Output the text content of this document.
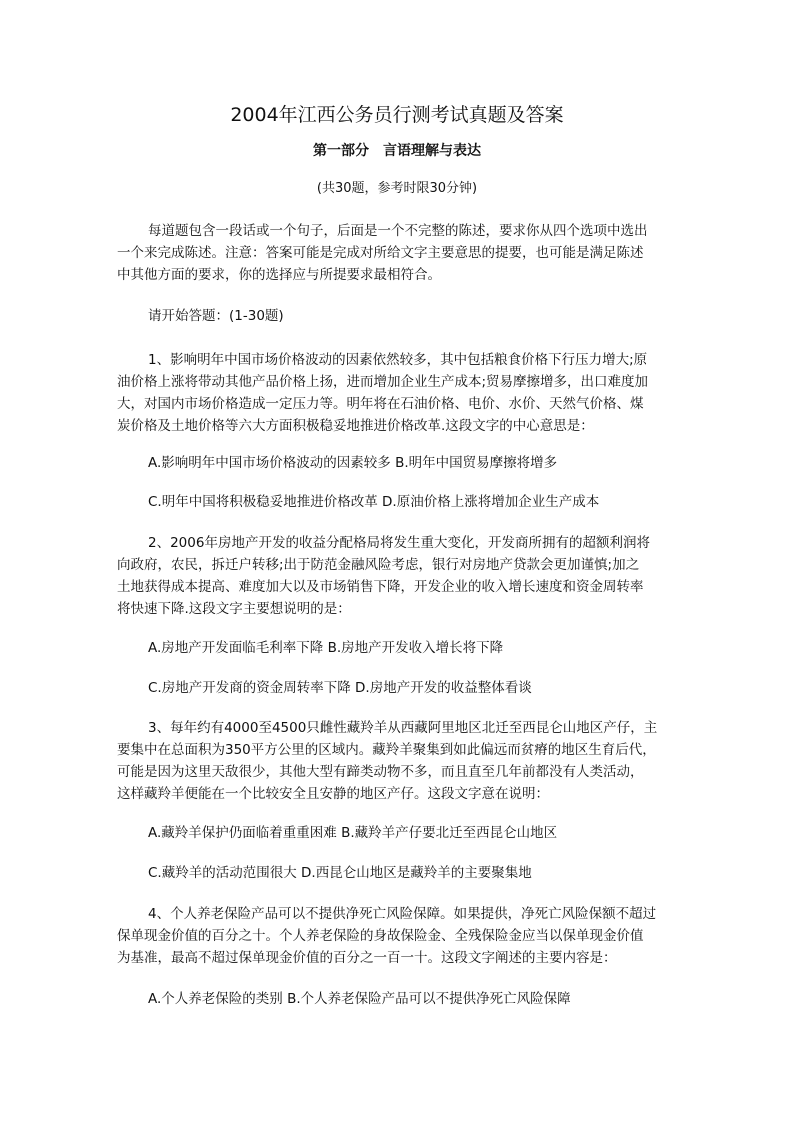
2004年江西公务员行测考试真题及答案
第一部分　言语理解与表达
(共30题，参考时限30分钟)
每道题包含一段话或一个句子，后面是一个不完整的陈述，要求你从四个选项中选出
一个来完成陈述。注意：答案可能是完成对所给文字主要意思的提要，也可能是满足陈述
中其他方面的要求，你的选择应与所提要求最相符合。
请开始答题：(1-30题)
1、影响明年中国市场价格波动的因素依然较多，其中包括粮食价格下行压力增大;原
油价格上涨将带动其他产品价格上扬，进而增加企业生产成本;贸易摩擦增多，出口难度加
大，对国内市场价格造成一定压力等。明年将在石油价格、电价、水价、天然气价格、煤
炭价格及土地价格等六大方面积极稳妥地推进价格改革.这段文字的中心意思是：
A.影响明年中国市场价格波动的因素较多 B.明年中国贸易摩擦将增多
C.明年中国将积极稳妥地推进价格改革 D.原油价格上涨将增加企业生产成本
2、2006年房地产开发的收益分配格局将发生重大变化，开发商所拥有的超额利润将
向政府，农民，拆迁户转移;出于防范金融风险考虑，银行对房地产贷款会更加谨慎;加之
土地获得成本提高、难度加大以及市场销售下降，开发企业的收入增长速度和资金周转率
将快速下降.这段文字主要想说明的是：
A.房地产开发面临毛利率下降 B.房地产开发收入增长将下降
C.房地产开发商的资金周转率下降 D.房地产开发的收益整体看谈
3、每年约有4000至4500只雌性藏羚羊从西藏阿里地区北迁至西昆仑山地区产仔，主
要集中在总面积为350平方公里的区域内。藏羚羊聚集到如此偏远而贫瘠的地区生育后代，
可能是因为这里天敌很少，其他大型有蹄类动物不多，而且直至几年前都没有人类活动，
这样藏羚羊便能在一个比较安全且安静的地区产仔。这段文字意在说明：
A.藏羚羊保护仍面临着重重困难 B.藏羚羊产仔要北迁至西昆仑山地区
C.藏羚羊的活动范围很大 D.西昆仑山地区是藏羚羊的主要聚集地
4、个人养老保险产品可以不提供净死亡风险保障。如果提供，净死亡风险保额不超过
保单现金价值的百分之十。个人养老保险的身故保险金、全残保险金应当以保单现金价值
为基准，最高不超过保单现金价值的百分之一百一十。这段文字阐述的主要内容是：
A.个人养老保险的类别 B.个人养老保险产品可以不提供净死亡风险保障
